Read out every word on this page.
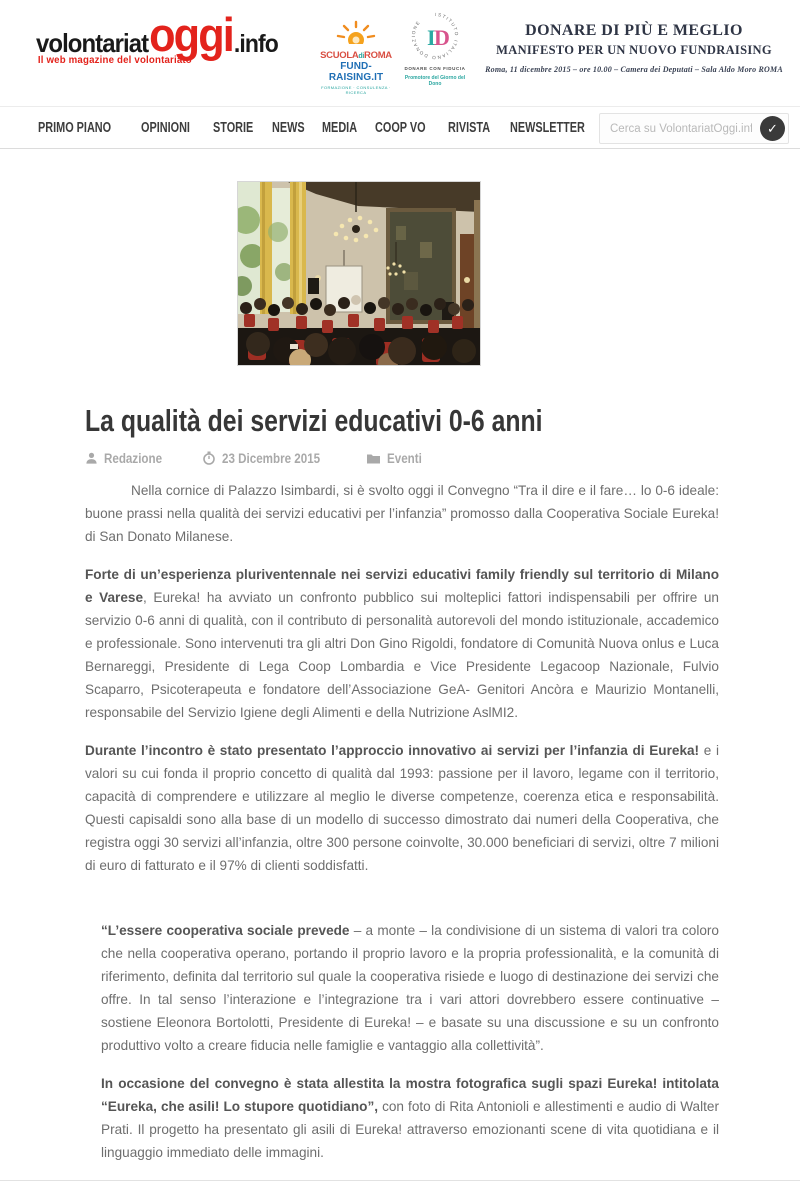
volontariat oggi .info
Il web magazine del volontariato	SCUOLAdiROMA
FUND-RAISING.IT
FORMAZIONE · CONSULENZA · RICERCA
ISTITUTO ITALIANO DONAZIONE
I
D
DONARE CON FIDUCIA
Promotore del Giorno del Dono
DONARE DI PIÙ E MEGLIO
MANIFESTO PER UN NUOVO FUNDRAISING
Roma, 11 dicembre 2015 – ore 10.00 – Camera dei Deputati – Sala Aldo Moro ROMA
PRIMO PIANO OPINIONI STORIE NEWS MEDIA COOP VO RIVISTA NEWSLETTER
Cerca su VolontariatOggi.info ...	✓
La qualità dei servizi educativi 0-6 anni
Redazione	23 Dicembre 2015	Eventi

Nella cornice di Palazzo Isimbardi, si è svolto oggi il Convegno “Tra il dire e il fare… lo 0-6 ideale: buone prassi nella qualità dei servizi educativi per l’infanzia” promosso dalla Cooperativa Sociale Eureka! di San Donato Milanese.

Forte di un’esperienza pluriventennale nei servizi educativi family friendly sul territorio di Milano e Varese, Eureka! ha avviato un confronto pubblico sui molteplici fattori indispensabili per offrire un servizio 0-6 anni di qualità, con il contributo di personalità autorevoli del mondo istituzionale, accademico e professionale. Sono intervenuti tra gli altri Don Gino Rigoldi, fondatore di Comunità Nuova onlus e Luca Bernareggi, Presidente di Lega Coop Lombardia e Vice Presidente Legacoop Nazionale, Fulvio Scaparro, Psicoterapeuta e fondatore dell’Associazione GeA- Genitori Ancòra e Maurizio Montanelli, responsabile del Servizio Igiene degli Alimenti e della Nutrizione AslMI2.

Durante l’incontro è stato presentato l’approccio innovativo ai servizi per l’infanzia di Eureka! e i valori su cui fonda il proprio concetto di qualità dal 1993: passione per il lavoro, legame con il territorio, capacità di comprendere e utilizzare al meglio le diverse competenze, coerenza etica e responsabilità. Questi capisaldi sono alla base di un modello di successo dimostrato dai numeri della Cooperativa, che registra oggi 30 servizi all’infanzia, oltre 300 persone coinvolte, 30.000 beneficiari di servizi, oltre 7 milioni di euro di fatturato e il 97% di clienti soddisfatti.

“L’essere cooperativa sociale prevede – a monte – la condivisione di un sistema di valori tra coloro che nella cooperativa operano, portando il proprio lavoro e la propria professionalità, e la comunità di riferimento, definita dal territorio sul quale la cooperativa risiede e luogo di destinazione dei servizi che offre. In tal senso l’interazione e l’integrazione tra i vari attori dovrebbero essere continuative – sostiene Eleonora Bortolotti, Presidente di Eureka! – e basate su una discussione e su un confronto produttivo volto a creare fiducia nelle famiglie e vantaggio alla collettività”.

In occasione del convegno è stata allestita la mostra fotografica sugli spazi Eureka! intitolata “Eureka, che asili! Lo stupore quotidiano”, con foto di Rita Antonioli e allestimenti e audio di Walter Prati. Il progetto ha presentato gli asili di Eureka! attraverso emozionanti scene di vita quotidiana e il linguaggio immediato delle immagini.
